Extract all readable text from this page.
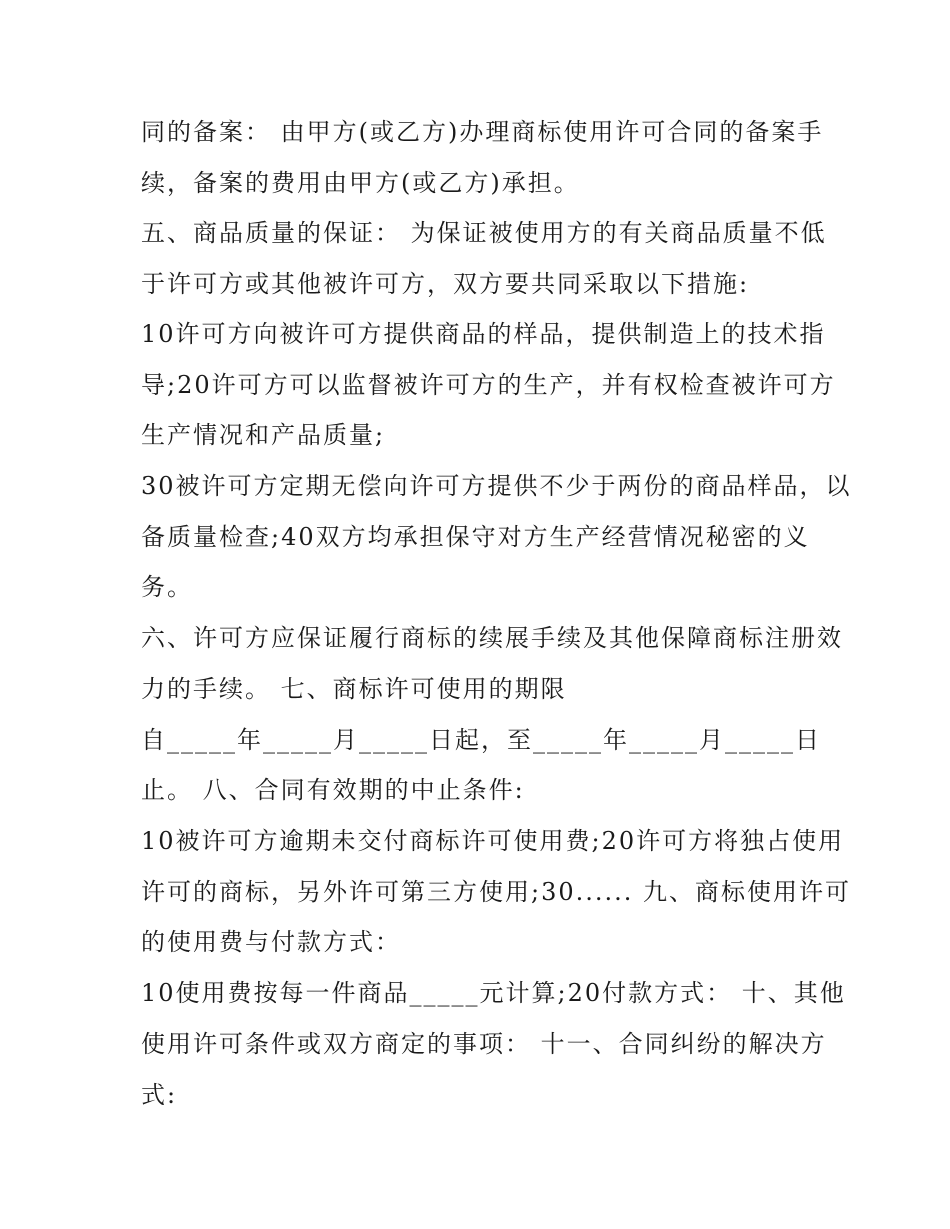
同的备案： 由甲方(或乙方)办理商标使用许可合同的备案手

续，备案的费用由甲方(或乙方)承担。

五、商品质量的保证： 为保证被使用方的有关商品质量不低

于许可方或其他被许可方，双方要共同采取以下措施:

10许可方向被许可方提供商品的样品，提供制造上的技术指

导;20许可方可以监督被许可方的生产，并有权检查被许可方

生产情况和产品质量;

30被许可方定期无偿向许可方提供不少于两份的商品样品，以

备质量检查;40双方均承担保守对方生产经营情况秘密的义

务。

六、许可方应保证履行商标的续展手续及其他保障商标注册效

力的手续。 七、商标许可使用的期限

自_____年_____月_____日起，至_____年_____月_____日

止。 八、合同有效期的中止条件:

10被许可方逾期未交付商标许可使用费;20许可方将独占使用

许可的商标，另外许可第三方使用;30...... 九、商标使用许可

的使用费与付款方式：

10使用费按每一件商品_____元计算;20付款方式： 十、其他

使用许可条件或双方商定的事项： 十一、合同纠纷的解决方

式:
